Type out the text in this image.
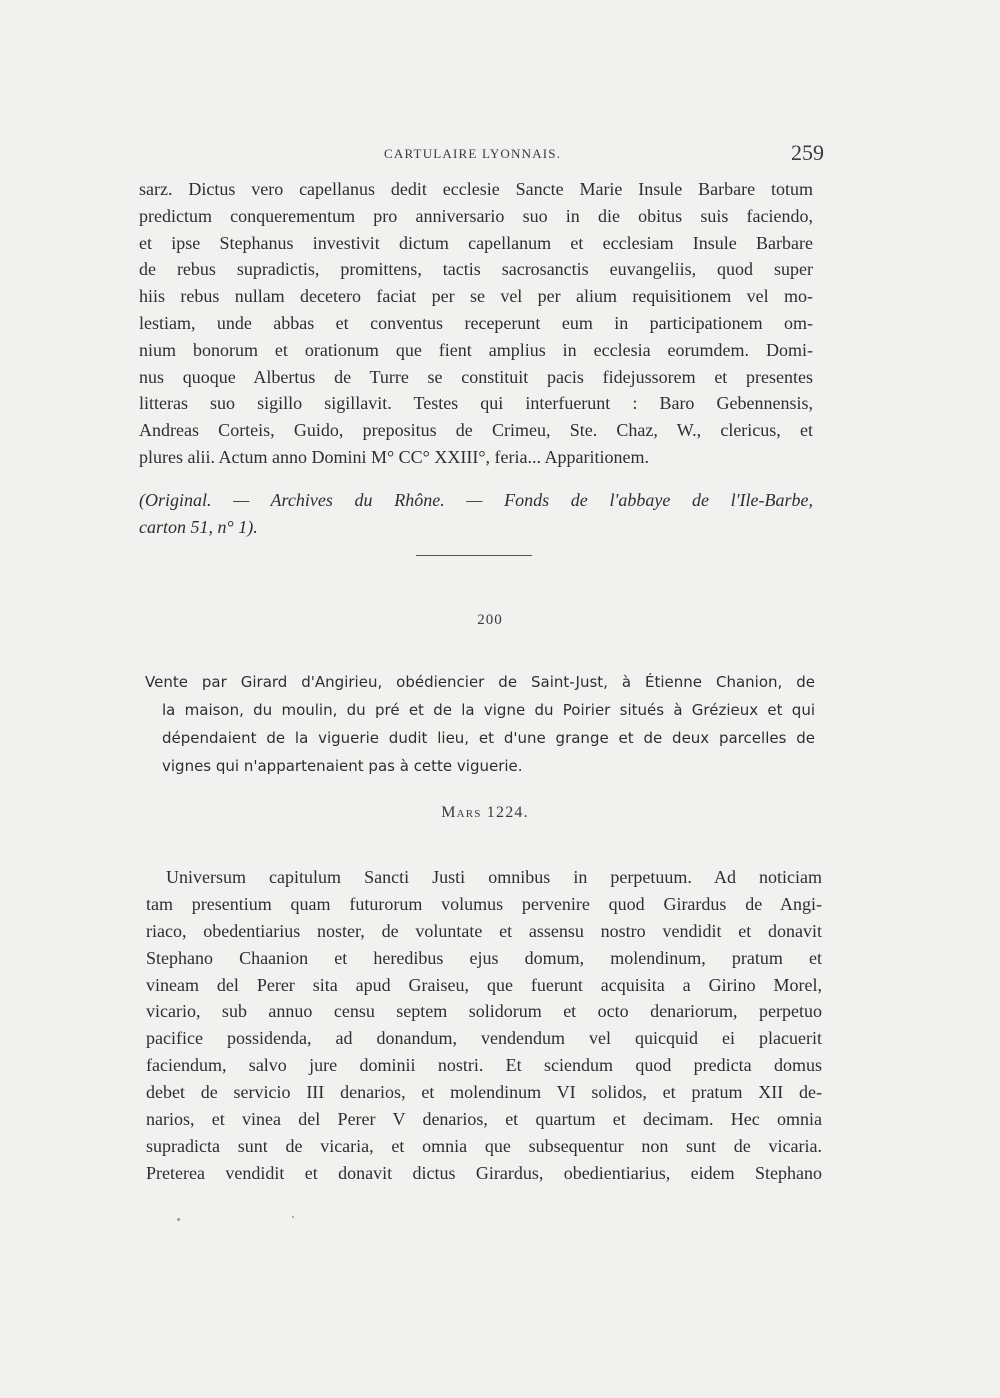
CARTULAIRE LYONNAIS.	259
sarz. Dictus vero capellanus dedit ecclesie Sancte Marie Insule Barbare totum
predictum conquerementum pro anniversario suo in die obitus suis faciendo,
et ipse Stephanus investivit dictum capellanum et ecclesiam Insule Barbare
de rebus supradictis, promittens, tactis sacrosanctis euvangeliis, quod super
hiis rebus nullam decetero faciat per se vel per alium requisitionem vel mo-
lestiam, unde abbas et conventus receperunt eum in participationem om-
nium bonorum et orationum que fient amplius in ecclesia eorumdem. Domi-
nus quoque Albertus de Turre se constituit pacis fidejussorem et presentes
litteras suo sigillo sigillavit. Testes qui interfuerunt : Baro Gebennensis,
Andreas Corteis, Guido, prepositus de Crimeu, Ste. Chaz, W., clericus, et
plures alii. Actum anno Domini M° CC° XXIII°, feria... Apparitionem.
(Original. — Archives du Rhône. — Fonds de l'abbaye de l'Ile-Barbe,
carton 51, n° 1).
200
Vente par Girard d'Angirieu, obédiencier de Saint-Just, à Étienne Chanion, de
la maison, du moulin, du pré et de la vigne du Poirier situés à Grézieux et qui
dépendaient de la viguerie dudit lieu, et d'une grange et de deux parcelles de
vignes qui n'appartenaient pas à cette viguerie.
Mars 1224.
Universum capitulum Sancti Justi omnibus in perpetuum. Ad noticiam
tam presentium quam futurorum volumus pervenire quod Girardus de Angi-
riaco, obedentiarius noster, de voluntate et assensu nostro vendidit et donavit
Stephano Chaanion et heredibus ejus domum, molendinum, pratum et
vineam del Perer sita apud Graiseu, que fuerunt acquisita a Girino Morel,
vicario, sub annuo censu septem solidorum et octo denariorum, perpetuo
pacifice possidenda, ad donandum, vendendum vel quicquid ei placuerit
faciendum, salvo jure dominii nostri. Et sciendum quod predicta domus
debet de servicio III denarios, et molendinum VI solidos, et pratum XII de-
narios, et vinea del Perer V denarios, et quartum et decimam. Hec omnia
supradicta sunt de vicaria, et omnia que subsequentur non sunt de vicaria.
Preterea vendidit et donavit dictus Girardus, obedientiarius, eidem Stephano
